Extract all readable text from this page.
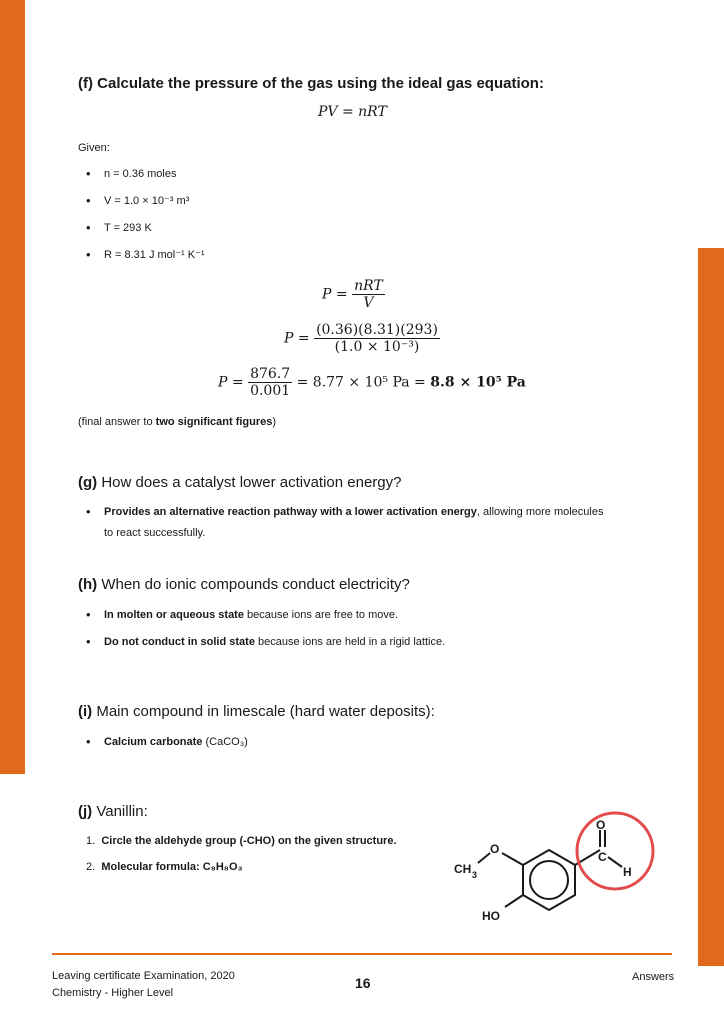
(f) Calculate the pressure of the gas using the ideal gas equation:
PV = nRT
Given:
• n = 0.36 moles
• V = 1.0 × 10⁻³ m³
• T = 293 K
• R = 8.31 J mol⁻¹ K⁻¹
$P = \frac{\text{nRT}}{V}$
$P = \frac{(0.36)(8.31)(293)}{\text{(1.0 × 10⁻³)}}$
$P = \frac{876.7}{0.001} = 8.77 \times 10^5$ Pa = 8.8 × 10⁵ Pa
(final answer to two significant figures)
(g) How does a catalyst lower activation energy?
• Provides an alternative reaction pathway with a lower activation energy, allowing more molecules
to react successfully.
(h) When do ionic compounds conduct electricity?
• In molten or aqueous state because ions are free to move.
• Do not conduct in solid state because ions are held in a rigid lattice.
(i) Main compound in limescale (hard water deposits):
• Calcium carbonate (CaCO₃)
(j) Vanillin:
1. Circle the aldehyde group (-CHO) on the given structure.
2. Molecular formula: C₈H₈O₃
O
C
H
O
CH 3
HO
Leaving certificate Examination, 2020
Chemistry - Higher Level
16	Answers
